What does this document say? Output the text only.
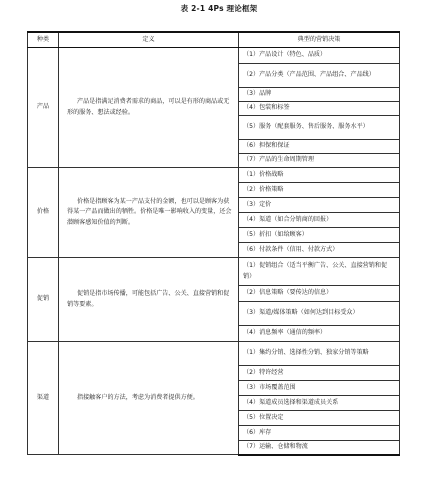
表 2-1 4Ps 理论框架
种类	定义	典型的营销决策
产品	产品是指满足消费者需求的商品，可以是有形的商品或无形的服务、想法或经验。	（1）产品设计（特色、品质）
		（2）产品分类（产品范围、产品组合、产品线）
		（3）品牌
		（4）包装和标签
		（5）服务（配套服务、售后服务、服务水平）
		（6）担保和保证
		（7）产品的生命周期管理
价格	价格是指顾客为某一产品支付的金额，也可以是顾客为获得某一产品而做出的牺牲。价格是唯一影响收入的变量，还会潜顾客感知价值的判断。	（1）价格战略
		（2）价格策略
		（3）定价
		（4）渠道（如合分销商的回报）
		（5）折扣（如给顾客）
		（6）付款条件（信用、付款方式）
促销	促销是指市场传播，可能包括广告、公关、直接营销和促销等要素。	（1）促销组合（适当平衡广告、公关、直接营销和促销）
		（2）信息策略（要传达的信息）
		（3）渠道/媒体策略（如何达到目标受众）
		（4）消息频率（通信的频率）
渠道	指接触客户的方法，考虑为消费者提供方便。	（1）集约分销、选择性分销、独家分销等策略
		（2）特许经营
		（3）市场覆盖范围
		（4）渠道成员选择和渠道成员关系
		（5）位置决定
		（6）库存
		（7）运输、仓储和物流
